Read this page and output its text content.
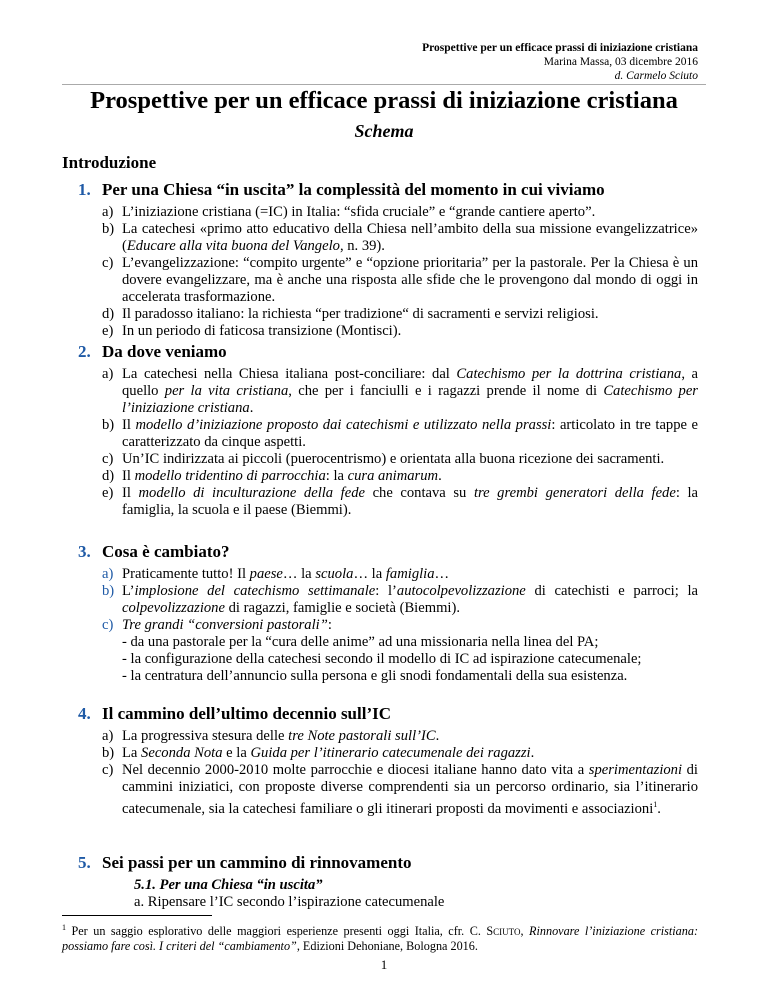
Prospettive per un efficace prassi di iniziazione cristiana
Marina Massa, 03 dicembre 2016
d. Carmelo Sciuto
Prospettive per un efficace prassi di iniziazione cristiana
Schema
Introduzione
1. Per una Chiesa “in uscita” la complessità del momento in cui viviamo
a) L’iniziazione cristiana (=IC) in Italia: “sfida cruciale” e “grande cantiere aperto”.
b) La catechesi «primo atto educativo della Chiesa nell’ambito della sua missione evangelizzatrice» (Educare alla vita buona del Vangelo, n. 39).
c) L’evangelizzazione: “compito urgente” e “opzione prioritaria” per la pastorale. Per la Chiesa è un dovere evangelizzare, ma è anche una risposta alle sfide che le provengono dal mondo di oggi in accelerata trasformazione.
d) Il paradosso italiano: la richiesta “per tradizione“ di sacramenti e servizi religiosi.
e) In un periodo di faticosa transizione (Montisci).
2. Da dove veniamo
a) La catechesi nella Chiesa italiana post-conciliare: dal Catechismo per la dottrina cristiana, a quello per la vita cristiana, che per i fanciulli e i ragazzi prende il nome di Catechismo per l’iniziazione cristiana.
b) Il modello d’iniziazione proposto dai catechismi e utilizzato nella prassi: articolato in tre tappe e caratterizzato da cinque aspetti.
c) Un’IC indirizzata ai piccoli (puerocentrismo) e orientata alla buona ricezione dei sacramenti.
d) Il modello tridentino di parrocchia: la cura animarum.
e) Il modello di inculturazione della fede che contava su tre grembi generatori della fede: la famiglia, la scuola e il paese (Biemmi).
3. Cosa è cambiato?
a) Praticamente tutto! Il paese… la scuola… la famiglia…
b) L’implosione del catechismo settimanale: l’autocolpevolizzazione di catechisti e parroci; la colpevolizzazione di ragazzi, famiglie e società (Biemmi).
c) Tre grandi “conversioni pastorali”:
- da una pastorale per la “cura delle anime” ad una missionaria nella linea del PA;
- la configurazione della catechesi secondo il modello di IC ad ispirazione catecumenale;
- la centratura dell’annuncio sulla persona e gli snodi fondamentali della sua esistenza.
4. Il cammino dell’ultimo decennio sull’IC
a) La progressiva stesura delle tre Note pastorali sull’IC.
b) La Seconda Nota e la Guida per l’itinerario catecumenale dei ragazzi.
c) Nel decennio 2000-2010 molte parrocchie e diocesi italiane hanno dato vita a sperimentazioni di cammini iniziatici, con proposte diverse comprendenti sia un percorso ordinario, sia l’itinerario catecumenale, sia la catechesi familiare o gli itinerari proposti da movimenti e associazioni$^1$.
5. Sei passi per un cammino di rinnovamento
5.1. Per una Chiesa “in uscita”
a. Ripensare l’IC secondo l’ispirazione catecumenale
$^1$ Per un saggio esplorativo delle maggiori esperienze presenti oggi Italia, cfr. C. Sciuto, Rinnovare l’iniziazione cristiana: possiamo fare così. I criteri del “cambiamento”, Edizioni Dehoniane, Bologna 2016.
1
